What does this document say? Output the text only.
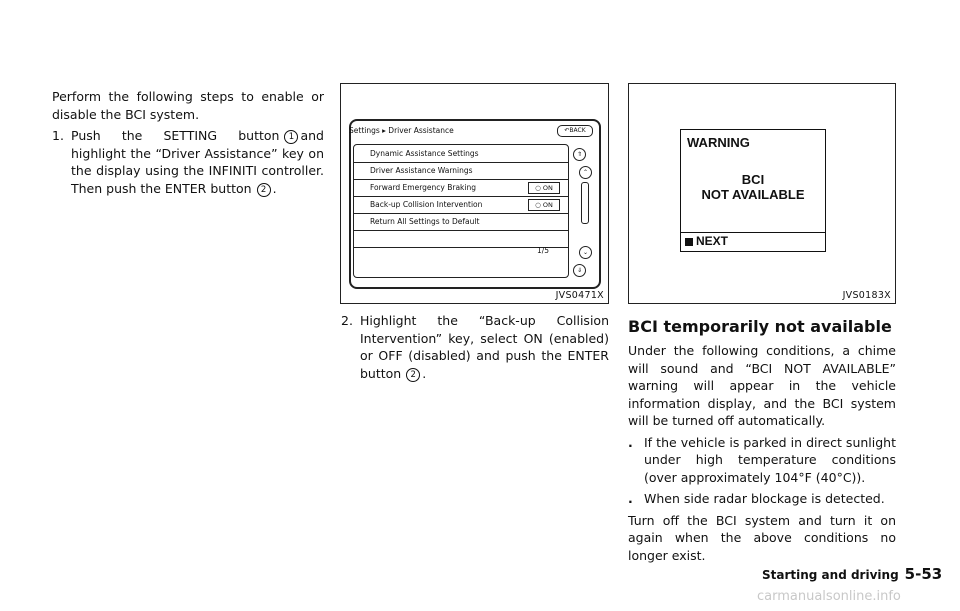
Perform the following steps to enable or disable the BCI system.

1. Push the SETTING button 1 and highlight the “Driver Assistance” key on the display using the INFINITI controller. Then push the ENTER button 2 .
Settings ▸ Driver Assistance	↶BACK
Dynamic Assistance Settings
Driver Assistance Warnings
Forward Emergency Braking	○ ON
Back-up Collision Intervention	○ ON
Return All Settings to Default
1/5
⇑
⌃
⌄
⇓
JVS0471X
2. Highlight the “Back-up Collision Intervention” key, select ON (enabled) or OFF (disabled) and push the ENTER button 2 .
WARNING
BCI
NOT AVAILABLE
NEXT
JVS0183X
BCI temporarily not available

Under the following conditions, a chime will sound and “BCI NOT AVAILABLE” warning will appear in the vehicle information display, and the BCI system will be turned off automatically.

. If the vehicle is parked in direct sunlight under high temperature conditions (over approximately 104°F (40°C)).
. When side radar blockage is detected.

Turn off the BCI system and turn it on again when the above conditions no longer exist.

Starting and driving 5-53
carmanualsonline.info
